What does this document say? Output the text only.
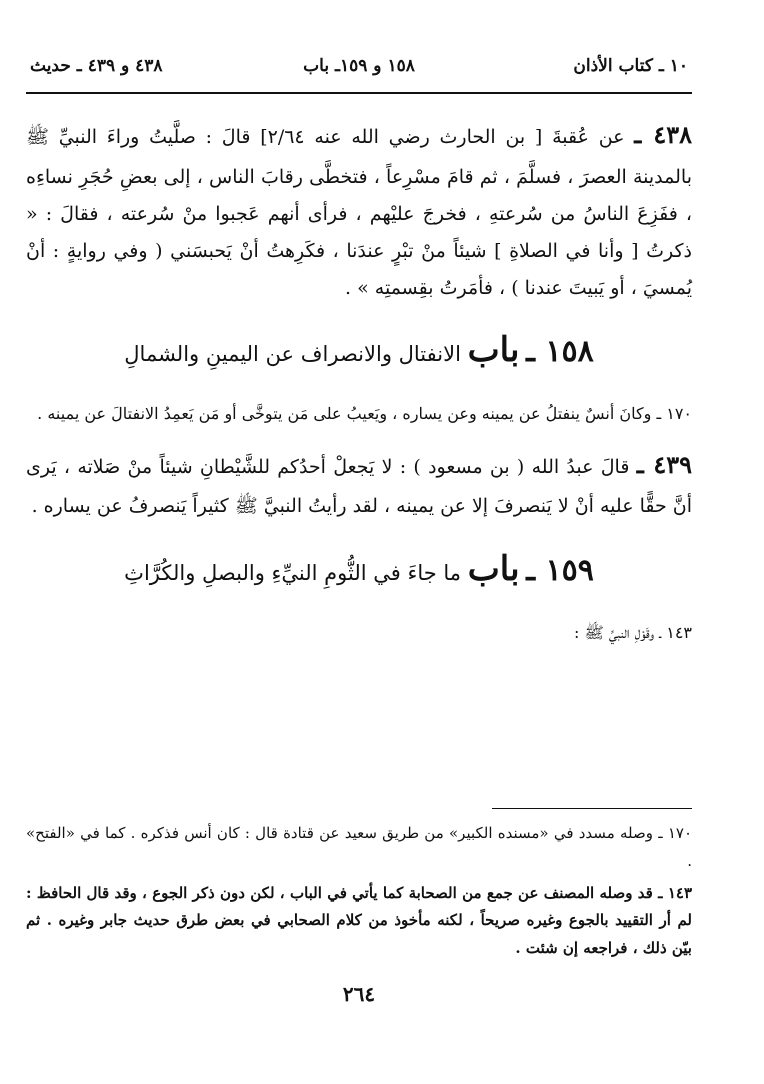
١٠ ـ كتاب الأذان
١٥٨ و ١٥٩ـ باب
٤٣٨ و ٤٣٩ ـ حديث

٤٣٨ ـ عن عُقبةَ [ بن الحارث رضي الله عنه ٢/٦٤] قالَ : صلَّيتُ وراءَ النبيِّ ﷺ بالمدينة العصرَ ، فسلَّمَ ، ثم قامَ مسْرِعاً ، فتخطَّى رقابَ الناس ، إلى بعضِ حُجَرِ نساءِه ، ففَزِعَ الناسُ من سُرعتهِ ، فخرجَ عليْهم ، فرأى أنهم عَجبوا منْ سُرعته ، فقالَ : « ذكرتُ [ وأنا في الصلاةِ ] شيئاً منْ تبْرٍ عندَنا ، فكَرِهتُ أنْ يَحبسَني ( وفي روايةٍ : أنْ يُمسيَ ، أو يَبيتَ عندنا ) ، فأمَرتُ بقِسمتِه » .

١٥٨ ـ باب الانفتال والانصراف عن اليمينِ والشمالِ

١٧٠ ـ وكانَ أنسٌ ينفتلُ عن يمينه وعن يساره ، ويَعيبُ على مَن يتوخَّى أو مَن يَعمِدُ الانفتالَ عن يمينه .

٤٣٩ ـ قالَ عبدُ الله ( بن مسعود ) : لا يَجعلْ أحدُكم للشَّيْطانِ شيئاً منْ صَلاته ، يَرى أنَّ حقًّا عليه أنْ لا يَنصرفَ إلا عن يمينه ، لقد رأيتُ النبيَّ ﷺ كثيراً يَنصرفُ عن يساره .

١٥٩ ـ باب ما جاءَ في الثُّومِ النيِّءِ والبصلِ والكُرَّاثِ

١٤٣ ـ وقَوْلِ النبيِّ ﷺ :

١٧٠ ـ وصله مسدد في «مسنده الكبير» من طريق سعيد عن قتادة قال : كان أنس فذكره . كما في «الفتح» .

١٤٣ ـ قد وصله المصنف عن جمع من الصحابة كما يأتي في الباب ، لكن دون ذكر الجوع ، وقد قال الحافظ : لم أر التقييد بالجوع وغيره صريحاً ، لكنه مأخوذ من كلام الصحابي في بعض طرق حديث جابر وغيره . ثم بيّن ذلك ، فراجعه إن شئت .

٢٦٤
